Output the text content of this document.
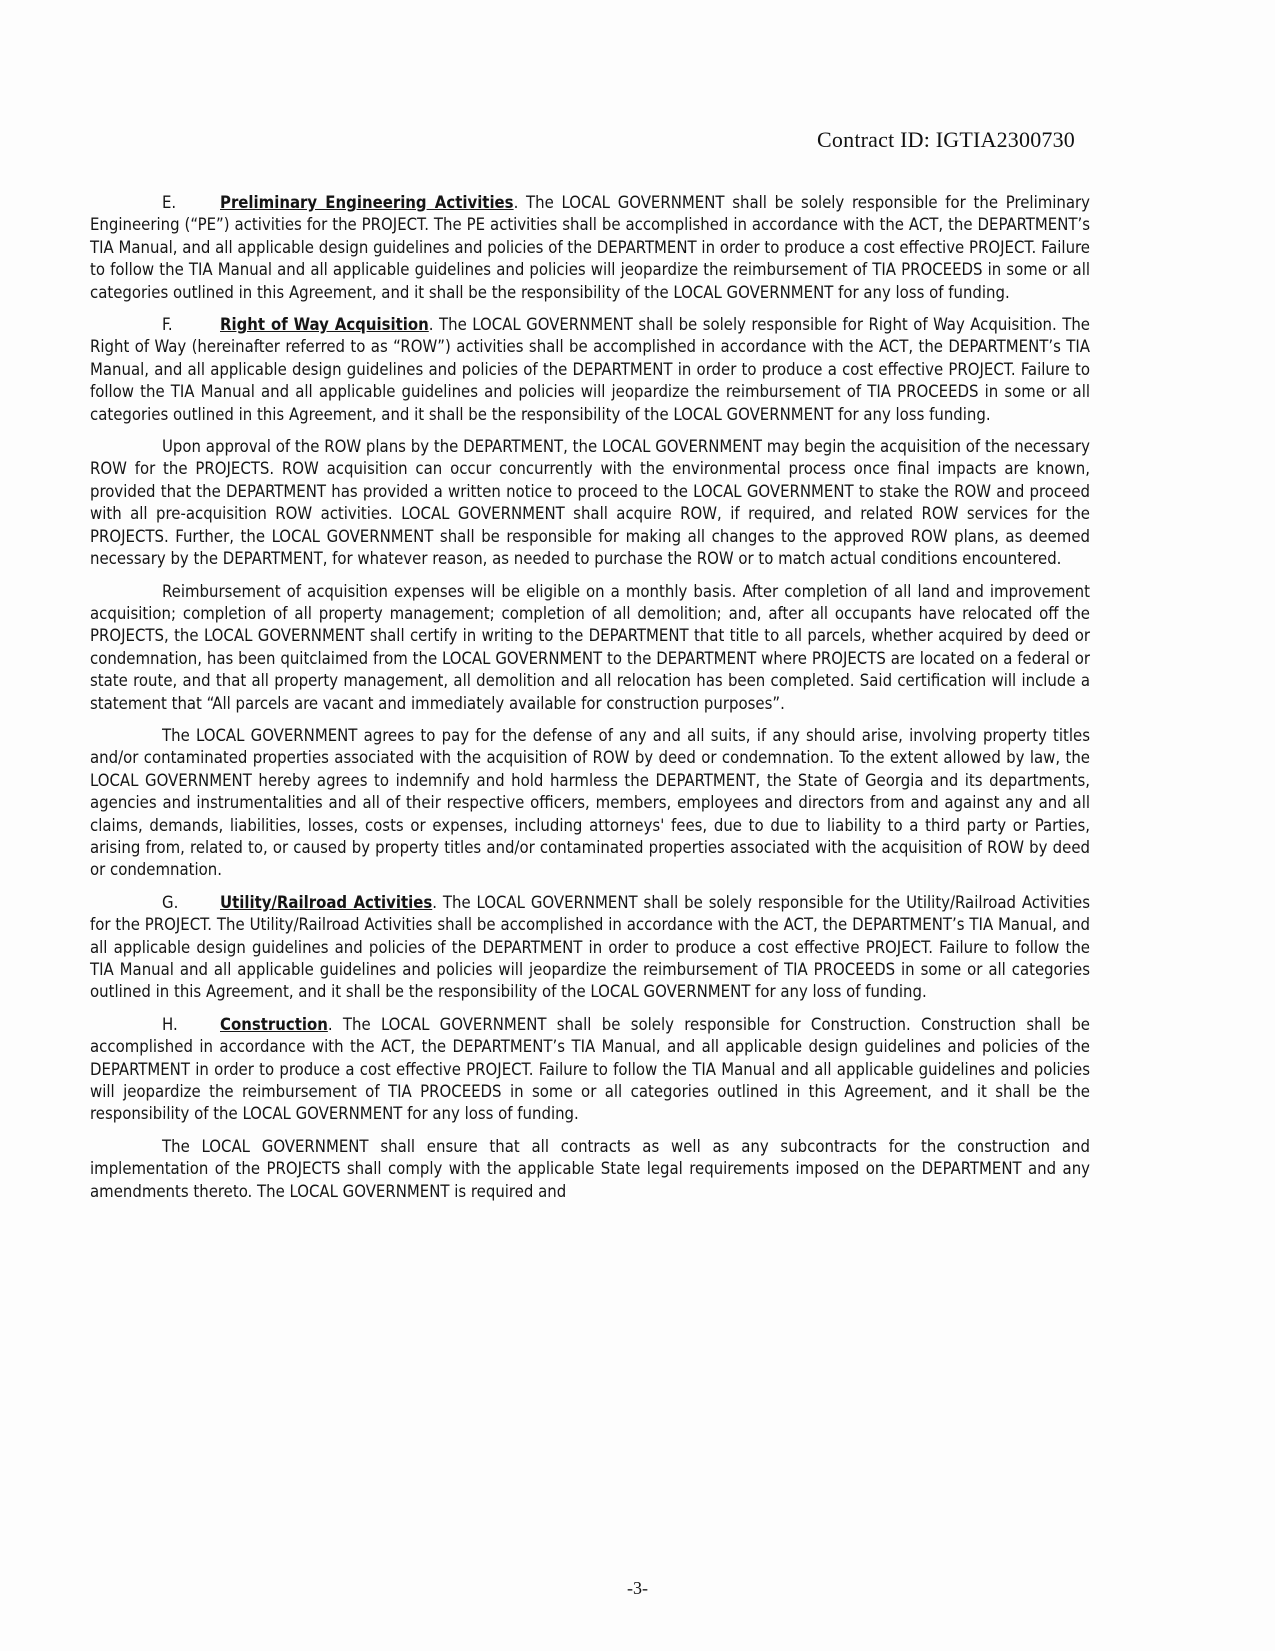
Contract ID: IGTIA2300730

E.	Preliminary Engineering Activities. The LOCAL GOVERNMENT shall be solely responsible for the Preliminary Engineering (“PE”) activities for the PROJECT. The PE activities shall be accomplished in accordance with the ACT, the DEPARTMENT’s TIA Manual, and all applicable design guidelines and policies of the DEPARTMENT in order to produce a cost effective PROJECT. Failure to follow the TIA Manual and all applicable guidelines and policies will jeopardize the reimbursement of TIA PROCEEDS in some or all categories outlined in this Agreement, and it shall be the responsibility of the LOCAL GOVERNMENT for any loss of funding.

F.	Right of Way Acquisition. The LOCAL GOVERNMENT shall be solely responsible for Right of Way Acquisition. The Right of Way (hereinafter referred to as “ROW”) activities shall be accomplished in accordance with the ACT, the DEPARTMENT’s TIA Manual, and all applicable design guidelines and policies of the DEPARTMENT in order to produce a cost effective PROJECT. Failure to follow the TIA Manual and all applicable guidelines and policies will jeopardize the reimbursement of TIA PROCEEDS in some or all categories outlined in this Agreement, and it shall be the responsibility of the LOCAL GOVERNMENT for any loss funding.

Upon approval of the ROW plans by the DEPARTMENT, the LOCAL GOVERNMENT may begin the acquisition of the necessary ROW for the PROJECTS. ROW acquisition can occur concurrently with the environmental process once final impacts are known, provided that the DEPARTMENT has provided a written notice to proceed to the LOCAL GOVERNMENT to stake the ROW and proceed with all pre-acquisition ROW activities. LOCAL GOVERNMENT shall acquire ROW, if required, and related ROW services for the PROJECTS. Further, the LOCAL GOVERNMENT shall be responsible for making all changes to the approved ROW plans, as deemed necessary by the DEPARTMENT, for whatever reason, as needed to purchase the ROW or to match actual conditions encountered.

Reimbursement of acquisition expenses will be eligible on a monthly basis. After completion of all land and improvement acquisition; completion of all property management; completion of all demolition; and, after all occupants have relocated off the PROJECTS, the LOCAL GOVERNMENT shall certify in writing to the DEPARTMENT that title to all parcels, whether acquired by deed or condemnation, has been quitclaimed from the LOCAL GOVERNMENT to the DEPARTMENT where PROJECTS are located on a federal or state route, and that all property management, all demolition and all relocation has been completed. Said certification will include a statement that “All parcels are vacant and immediately available for construction purposes”.

The LOCAL GOVERNMENT agrees to pay for the defense of any and all suits, if any should arise, involving property titles and/or contaminated properties associated with the acquisition of ROW by deed or condemnation. To the extent allowed by law, the LOCAL GOVERNMENT hereby agrees to indemnify and hold harmless the DEPARTMENT, the State of Georgia and its departments, agencies and instrumentalities and all of their respective officers, members, employees and directors from and against any and all claims, demands, liabilities, losses, costs or expenses, including attorneys' fees, due to due to liability to a third party or Parties, arising from, related to, or caused by property titles and/or contaminated properties associated with the acquisition of ROW by deed or condemnation.

G.	Utility/Railroad Activities. The LOCAL GOVERNMENT shall be solely responsible for the Utility/Railroad Activities for the PROJECT. The Utility/Railroad Activities shall be accomplished in accordance with the ACT, the DEPARTMENT’s TIA Manual, and all applicable design guidelines and policies of the DEPARTMENT in order to produce a cost effective PROJECT. Failure to follow the TIA Manual and all applicable guidelines and policies will jeopardize the reimbursement of TIA PROCEEDS in some or all categories outlined in this Agreement, and it shall be the responsibility of the LOCAL GOVERNMENT for any loss of funding.

H.	Construction. The LOCAL GOVERNMENT shall be solely responsible for Construction. Construction shall be accomplished in accordance with the ACT, the DEPARTMENT’s TIA Manual, and all applicable design guidelines and policies of the DEPARTMENT in order to produce a cost effective PROJECT. Failure to follow the TIA Manual and all applicable guidelines and policies will jeopardize the reimbursement of TIA PROCEEDS in some or all categories outlined in this Agreement, and it shall be the responsibility of the LOCAL GOVERNMENT for any loss of funding.

The LOCAL GOVERNMENT shall ensure that all contracts as well as any subcontracts for the construction and implementation of the PROJECTS shall comply with the applicable State legal requirements imposed on the DEPARTMENT and any amendments thereto. The LOCAL GOVERNMENT is required and

-3-
